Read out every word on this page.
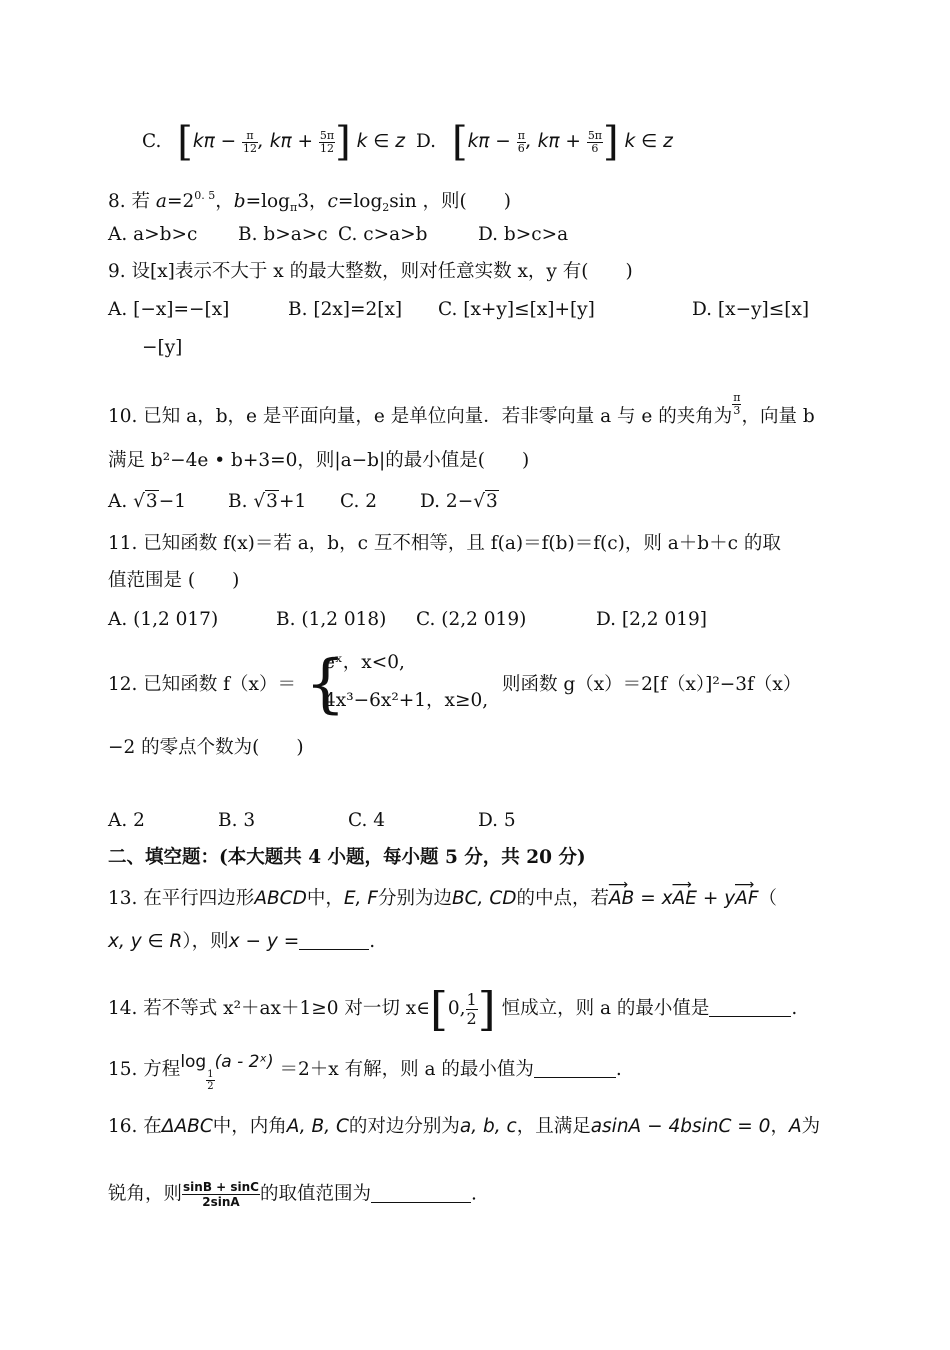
C. [$k\pi - \frac{\pi}{12}$ , $k\pi + \frac{5\pi}{12}$ ] k ∈ z D. [$k\pi - \frac{\pi}{6}$ , $k\pi + \frac{5\pi}{6}$ ] k ∈ z
8. 若 $a=2^{0. 5}$，$b=\log_\pi 3$，$c=\log_2\sin$ ，则(　　)
A. a>b>c B. b>a>c C. c>a>b	D. b>c>a
9. 设[x]表示不大于 x 的最大整数，则对任意实数 x，y 有(　　)
A. [−x]=−[x]	B. [2x]=2[x] C. [x+y]≤[x]+[y]	D. [x−y]≤[x]
−[y]
10. 已知 a，b，e 是平面向量，e 是单位向量．若非零向量 a 与 e 的夹角为 $\frac{\pi}{3}$ ，向量 b
满足 b²−4e • b+3=0，则|a−b|的最小值是(　　)
A. √3−1 B. √3+1 C. 2 D. 2−√3
11. 已知函数 f(x)＝若 a，b，c 互不相等，且 f(a)＝f(b)＝f(c)，则 a＋b＋c 的取
值范围是 (　　)
A. (1,2 017)	B. (1,2 018) C. (2,2 019)	D. [2,2 019]
12. 已知函数 f（x）＝ {
eˣ，x<0,
4x³−6x²+1，x≥0,
则函数 g（x）＝2[f（x）]²−3f（x）
−2 的零点个数为(　　)
A. 2	B. 3	C. 4	D. 5
二、填空题：(本大题共 4 小题，每小题 5 分，共 20 分)
13. 在平行四边形ABCD中，E, F分别为边BC, CD的中点，若⟶ AB = x⟶ AE + y⟶ AF（
x, y ∈ R），则x − y =	.
14. 若不等式 x²＋ax＋1≥0 对一切 x∈[0, $\frac{1}{2}$ ] 恒成立，则 a 的最小值是	.
15. 方程log
$\frac{1}{2}$
(a - 2ˣ) ＝2＋x 有解，则 a 的最小值为	.
16. 在ΔABC中，内角A, B, C的对边分别为a, b, c，且满足asinA − 4bsinC = 0，A为
锐角，则 $\frac{\sin B + \sin C}{2\sin A}$ 的取值范围为	.
